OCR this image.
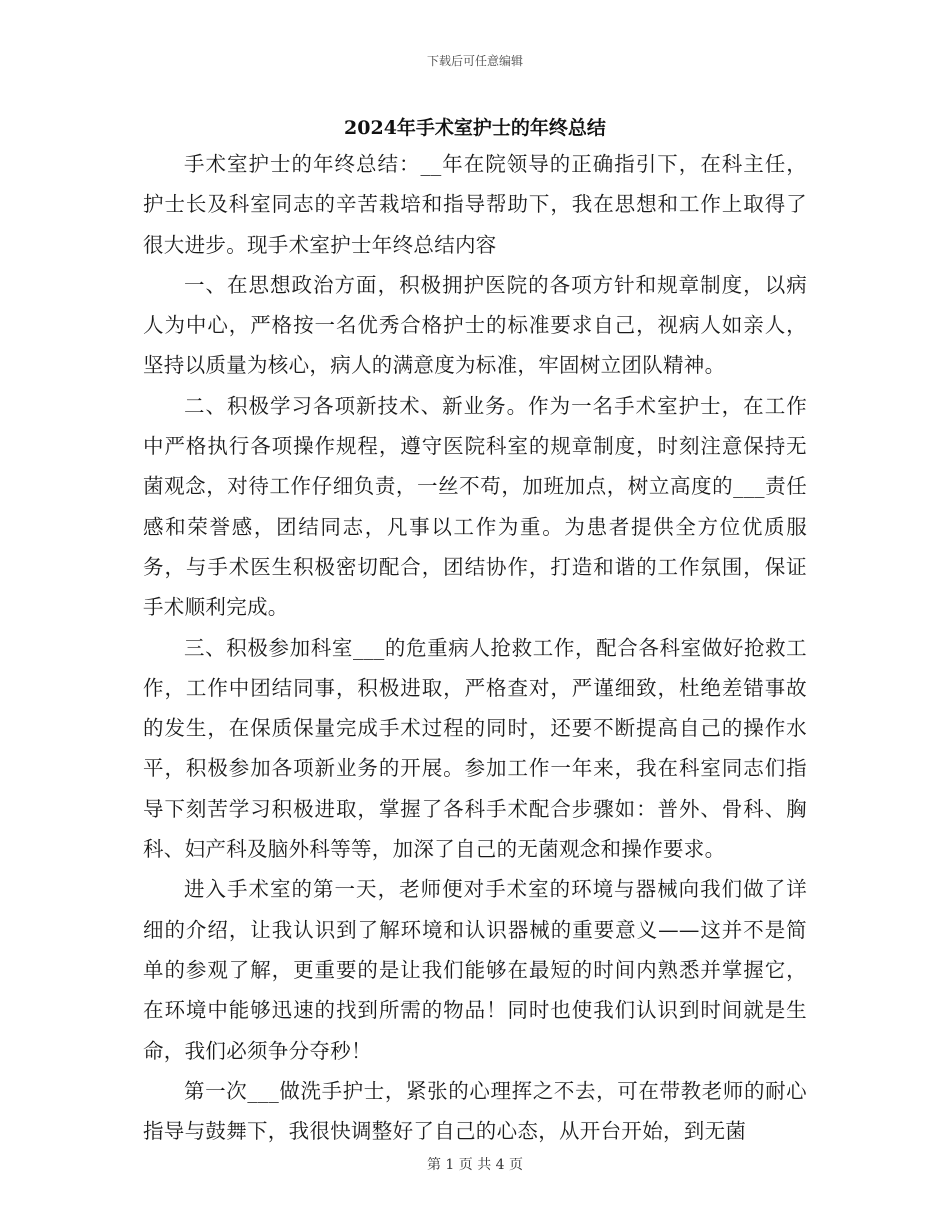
下载后可任意编辑
2024年手术室护士的年终总结

手术室护士的年终总结：__年在院领导的正确指引下，在科主任，护士长及科室同志的辛苦栽培和指导帮助下，我在思想和工作上取得了很大进步。现手术室护士年终总结内容

一、在思想政治方面，积极拥护医院的各项方针和规章制度，以病人为中心，严格按一名优秀合格护士的标准要求自己，视病人如亲人，坚持以质量为核心，病人的满意度为标准，牢固树立团队精神。

二、积极学习各项新技术、新业务。作为一名手术室护士，在工作中严格执行各项操作规程，遵守医院科室的规章制度，时刻注意保持无菌观念，对待工作仔细负责，一丝不苟，加班加点，树立高度的___责任感和荣誉感，团结同志，凡事以工作为重。为患者提供全方位优质服务，与手术医生积极密切配合，团结协作，打造和谐的工作氛围，保证手术顺利完成。

三、积极参加科室___的危重病人抢救工作，配合各科室做好抢救工作，工作中团结同事，积极进取，严格查对，严谨细致，杜绝差错事故的发生，在保质保量完成手术过程的同时，还要不断提高自己的操作水平，积极参加各项新业务的开展。参加工作一年来，我在科室同志们指导下刻苦学习积极进取，掌握了各科手术配合步骤如：普外、骨科、胸科、妇产科及脑外科等等，加深了自己的无菌观念和操作要求。

进入手术室的第一天，老师便对手术室的环境与器械向我们做了详细的介绍，让我认识到了解环境和认识器械的重要意义——这并不是简单的参观了解，更重要的是让我们能够在最短的时间内熟悉并掌握它，在环境中能够迅速的找到所需的物品！同时也使我们认识到时间就是生命，我们必须争分夺秒！

第一次___做洗手护士，紧张的心理挥之不去，可在带教老师的耐心指导与鼓舞下，我很快调整好了自己的心态，从开台开始，到无菌

第 1 页 共 4 页
